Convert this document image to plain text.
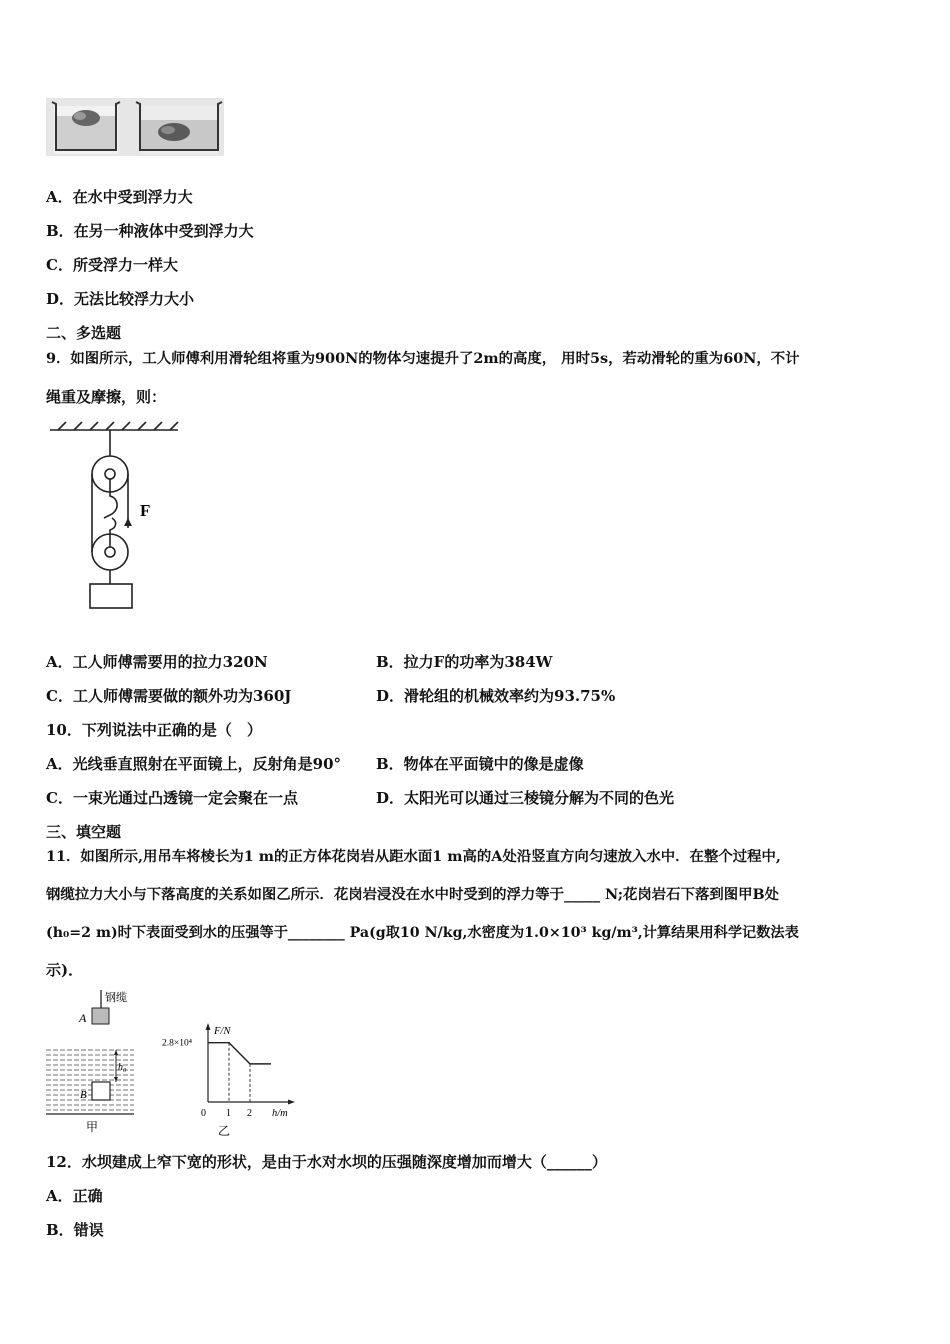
A．在水中受到浮力大
B．在另一种液体中受到浮力大
C．所受浮力一样大
D．无法比较浮力大小
二、多选题
9．如图所示，工人师傅利用滑轮组将重为900N的物体匀速提升了2m的高度， 用时5s，若动滑轮的重为60N，不计
绳重及摩擦，则：
F
A．工人师傅需要用的拉力320N	B．拉力F的功率为384W
C．工人师傅需要做的额外功为360J	D．滑轮组的机械效率约为93.75%
10．下列说法中正确的是（　）
A．光线垂直照射在平面镜上，反射角是90° B．物体在平面镜中的像是虚像
C．一束光通过凸透镜一定会聚在一点	D．太阳光可以通过三棱镜分解为不同的色光
三、填空题
11．如图所示,用吊车将棱长为1 m的正方体花岗岩从距水面1 m高的A处沿竖直方向匀速放入水中．在整个过程中,
钢缆拉力大小与下落高度的关系如图乙所示．花岗岩浸没在水中时受到的浮力等于_____ N;花岗岩石下落到图甲B处
(h₀=2 m)时下表面受到水的压强等于________ Pa(g取10 N/kg,水密度为1.0×10³ kg/m³,计算结果用科学记数法表
示)．
钢缆
A
h₀
B
甲
F/N
h/m
2.8×10⁴
0 1 2
乙
12．水坝建成上窄下宽的形状，是由于水对水坝的压强随深度增加而增大（______）
A．正确
B．错误
